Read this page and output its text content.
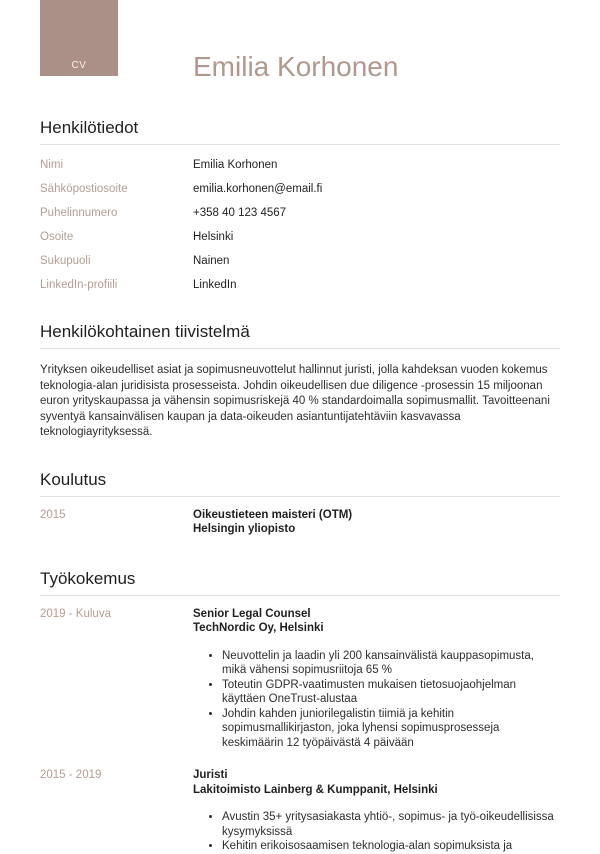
CV	Emilia Korhonen
Henkilötiedot
Nimi	Emilia Korhonen
Sähköpostiosoite	emilia.korhonen@email.fi
Puhelinnumero	+358 40 123 4567
Osoite	Helsinki
Sukupuoli	Nainen
LinkedIn-profiili	LinkedIn
Henkilökohtainen tiivistelmä

Yrityksen oikeudelliset asiat ja sopimusneuvottelut hallinnut juristi, jolla kahdeksan vuoden kokemus teknologia-alan juridisista prosesseista. Johdin oikeudellisen due diligence -prosessin 15 miljoonan euron yrityskaupassa ja vähensin sopimusriskejä 40 % standardoimalla sopimusmallit. Tavoitteenani syventyä kansainvälisen kaupan ja data-oikeuden asiantuntijatehtäviin kasvavassa teknologiayrityksessä.

Koulutus
2015	Oikeustieteen maisteri (OTM)
Helsingin yliopisto
Työkokemus
2019 - Kuluva	Senior Legal Counsel
TechNordic Oy, Helsinki
• Neuvottelin ja laadin yli 200 kansainvälistä kauppasopimusta, mikä vähensi sopimusriitoja 65 %
• Toteutin GDPR-vaatimusten mukaisen tietosuojaohjelman käyttäen OneTrust-alustaa
• Johdin kahden juniorilegalistin tiimiä ja kehitin sopimusmallikirjaston, joka lyhensi sopimusprosesseja keskimäärin 12 työpäivästä 4 päivään
2015 - 2019	Juristi
Lakitoimisto Lainberg & Kumppanit, Helsinki
• Avustin 35+ yritysasiakasta yhtiö-, sopimus- ja työ-oikeudellisissa kysymyksissä
• Kehitin erikoisosaamisen teknologia-alan sopimuksista ja
